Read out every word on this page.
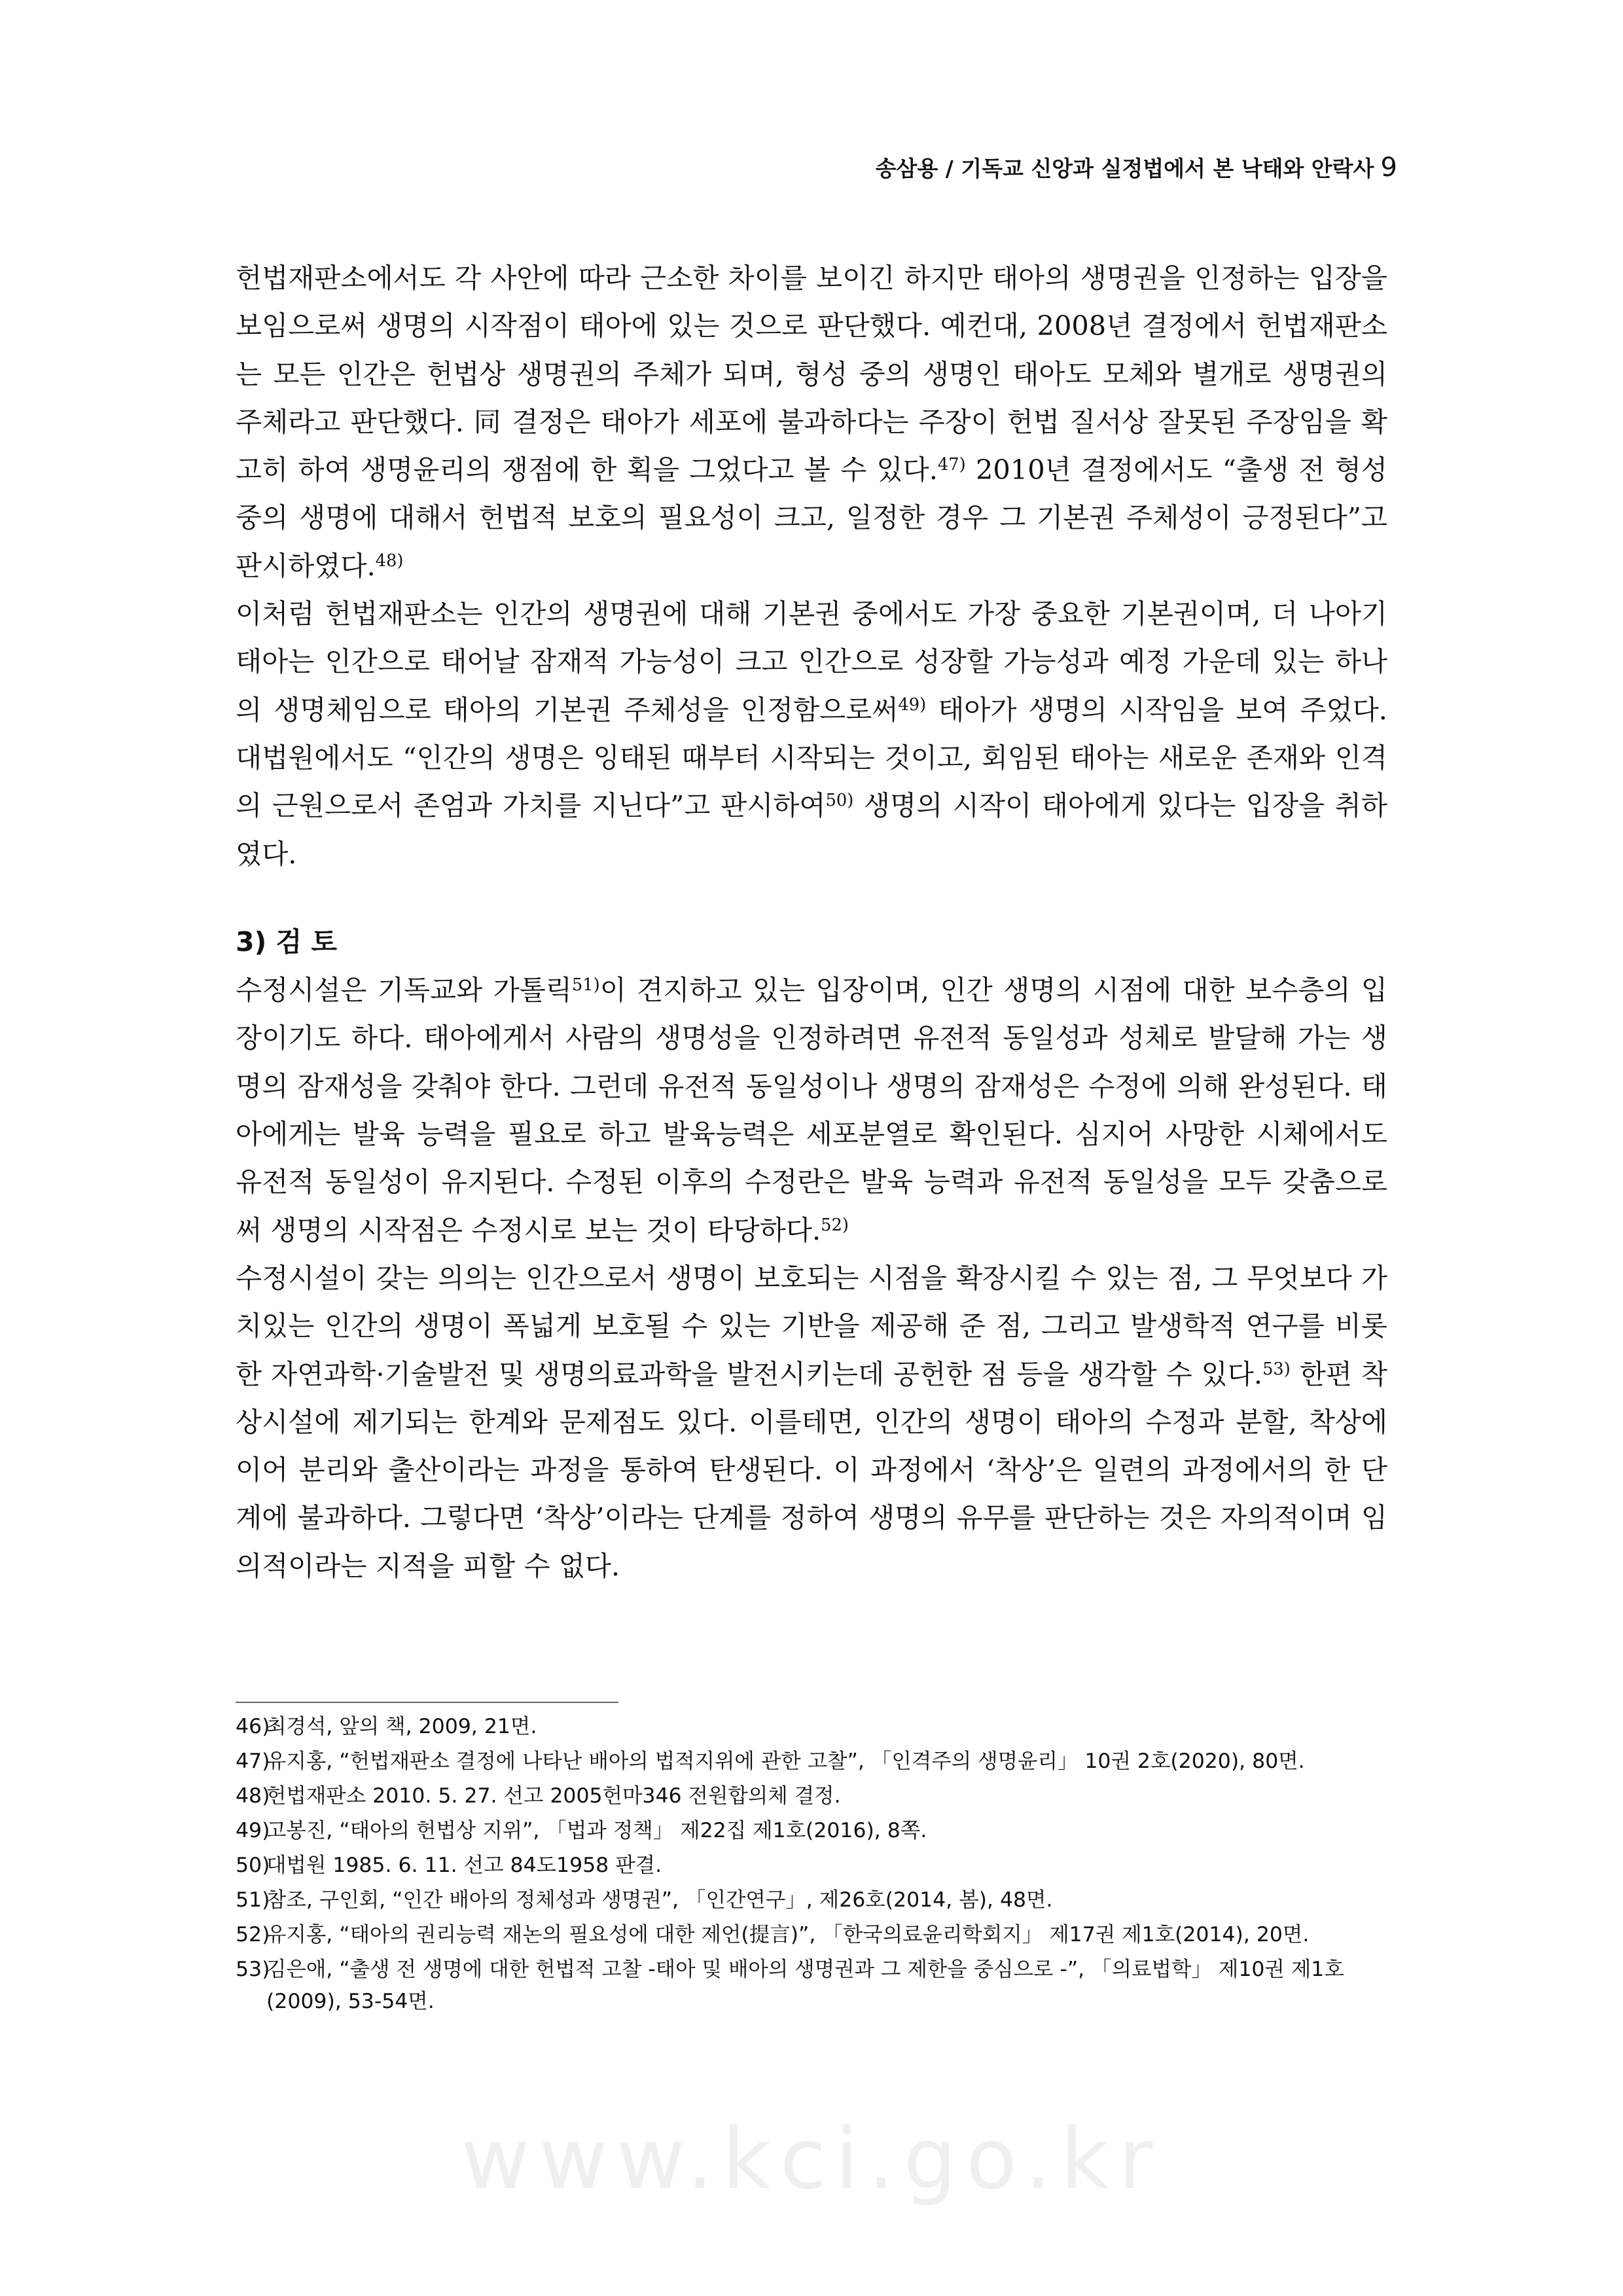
송삼용 / 기독교 신앙과 실정법에서 본 낙태와 안락사 9

헌법재판소에서도 각 사안에 따라 근소한 차이를 보이긴 하지만 태아의 생명권을 인정하는 입장을 보임으로써 생명의 시작점이 태아에 있는 것으로 판단했다. 예컨대, 2008년 결정에서 헌법재판소는 모든 인간은 헌법상 생명권의 주체가 되며, 형성 중의 생명인 태아도 모체와 별개로 생명권의 주체라고 판단했다. 同 결정은 태아가 세포에 불과하다는 주장이 헌법 질서상 잘못된 주장임을 확고히 하여 생명윤리의 쟁점에 한 획을 그었다고 볼 수 있다.$^{47)}$ 2010년 결정에서도 “출생 전 형성 중의 생명에 대해서 헌법적 보호의 필요성이 크고, 일정한 경우 그 기본권 주체성이 긍정된다”고 판시하였다.$^{48)}$

이처럼 헌법재판소는 인간의 생명권에 대해 기본권 중에서도 가장 중요한 기본권이며, 더 나아기 태아는 인간으로 태어날 잠재적 가능성이 크고 인간으로 성장할 가능성과 예정 가운데 있는 하나의 생명체임으로 태아의 기본권 주체성을 인정함으로써$^{49)}$ 태아가 생명의 시작임을 보여 주었다. 대법원에서도 “인간의 생명은 잉태된 때부터 시작되는 것이고, 회임된 태아는 새로운 존재와 인격의 근원으로서 존엄과 가치를 지닌다”고 판시하여$^{50)}$ 생명의 시작이 태아에게 있다는 입장을 취하였다.

3) 검 토

수정시설은 기독교와 가톨릭$^{51)}$이 견지하고 있는 입장이며, 인간 생명의 시점에 대한 보수층의 입장이기도 하다. 태아에게서 사람의 생명성을 인정하려면 유전적 동일성과 성체로 발달해 가는 생명의 잠재성을 갖춰야 한다. 그런데 유전적 동일성이나 생명의 잠재성은 수정에 의해 완성된다. 태아에게는 발육 능력을 필요로 하고 발육능력은 세포분열로 확인된다. 심지어 사망한 시체에서도 유전적 동일성이 유지된다. 수정된 이후의 수정란은 발육 능력과 유전적 동일성을 모두 갖춤으로써 생명의 시작점은 수정시로 보는 것이 타당하다.$^{52)}$

수정시설이 갖는 의의는 인간으로서 생명이 보호되는 시점을 확장시킬 수 있는 점, 그 무엇보다 가치있는 인간의 생명이 폭넓게 보호될 수 있는 기반을 제공해 준 점, 그리고 발생학적 연구를 비롯한 자연과학·기술발전 및 생명의료과학을 발전시키는데 공헌한 점 등을 생각할 수 있다.$^{53)}$ 한편 착상시설에 제기되는 한계와 문제점도 있다. 이를테면, 인간의 생명이 태아의 수정과 분할, 착상에 이어 분리와 출산이라는 과정을 통하여 탄생된다. 이 과정에서 ‘착상’은 일련의 과정에서의 한 단계에 불과하다. 그렇다면 ‘착상’이라는 단계를 정하여 생명의 유무를 판단하는 것은 자의적이며 임의적이라는 지적을 피할 수 없다.

46)
최경석, 앞의 책, 2009, 21면.
47)
유지홍, “헌법재판소 결정에 나타난 배아의 법적지위에 관한 고찰”, 「인격주의 생명윤리」 10권 2호(2020), 80면.
48)
헌법재판소 2010. 5. 27. 선고 2005헌마346 전원합의체 결정.
49)
고봉진, “태아의 헌법상 지위”, 「법과 정책」 제22집 제1호(2016), 8쪽.
50)
대법원 1985. 6. 11. 선고 84도1958 판결.
51)
참조, 구인회, “인간 배아의 정체성과 생명권”, 「인간연구」, 제26호(2014, 봄), 48면.
52)
유지홍, “태아의 권리능력 재논의 필요성에 대한 제언(提言)”, 「한국의료윤리학회지」 제17권 제1호(2014), 20면.
53)
김은애, “출생 전 생명에 대한 헌법적 고찰 -태아 및 배아의 생명권과 그 제한을 중심으로 -”, 「의료법학」 제10권 제1호(2009), 53-54면.
www.kci.go.kr
